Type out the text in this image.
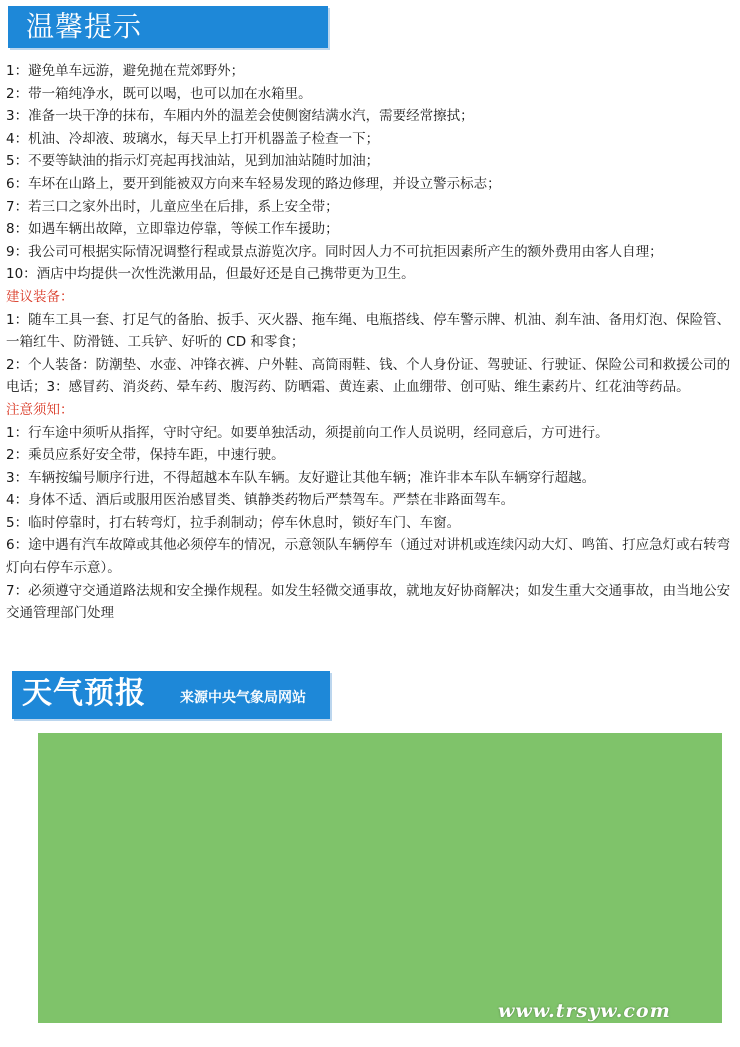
温馨提示

1：避免单车远游，避免抛在荒郊野外；

2：带一箱纯净水，既可以喝，也可以加在水箱里。

3：准备一块干净的抹布，车厢内外的温差会使侧窗结满水汽，需要经常擦拭；

4：机油、冷却液、玻璃水，每天早上打开机器盖子检查一下；

5：不要等缺油的指示灯亮起再找油站，见到加油站随时加油；

6：车坏在山路上，要开到能被双方向来车轻易发现的路边修理，并设立警示标志；

7：若三口之家外出时，儿童应坐在后排，系上安全带；

8：如遇车辆出故障，立即靠边停靠，等候工作车援助；

9：我公司可根据实际情况调整行程或景点游览次序。同时因人力不可抗拒因素所产生的额外费用由客人自理；

10：酒店中均提供一次性洗漱用品，但最好还是自己携带更为卫生。

建议装备：

1：随车工具一套、打足气的备胎、扳手、灭火器、拖车绳、电瓶搭线、停车警示牌、机油、刹车油、备用灯泡、保险管、一箱红牛、防滑链、工兵铲、好听的 CD 和零食；

2：个人装备：防潮垫、水壶、冲锋衣裤、户外鞋、高筒雨鞋、钱、个人身份证、驾驶证、行驶证、保险公司和救援公司的电话；3：感冒药、消炎药、晕车药、腹泻药、防晒霜、黄连素、止血绷带、创可贴、维生素药片、红花油等药品。

注意须知：

1：行车途中须听从指挥，守时守纪。如要单独活动，须提前向工作人员说明，经同意后，方可进行。

2：乘员应系好安全带，保持车距，中速行驶。

3：车辆按编号顺序行进，不得超越本车队车辆。友好避让其他车辆；准许非本车队车辆穿行超越。

4：身体不适、酒后或服用医治感冒类、镇静类药物后严禁驾车。严禁在非路面驾车。

5：临时停靠时，打右转弯灯，拉手刹制动；停车休息时，锁好车门、车窗。

6：途中遇有汽车故障或其他必须停车的情况，示意领队车辆停车（通过对讲机或连续闪动大灯、鸣笛、打应急灯或右转弯灯向右停车示意）。

7：必须遵守交通道路法规和安全操作规程。如发生轻微交通事故，就地友好协商解决；如发生重大交通事故，由当地公安交通管理部门处理

天气预报 来源中央气象局网站
www.trsyw.com
